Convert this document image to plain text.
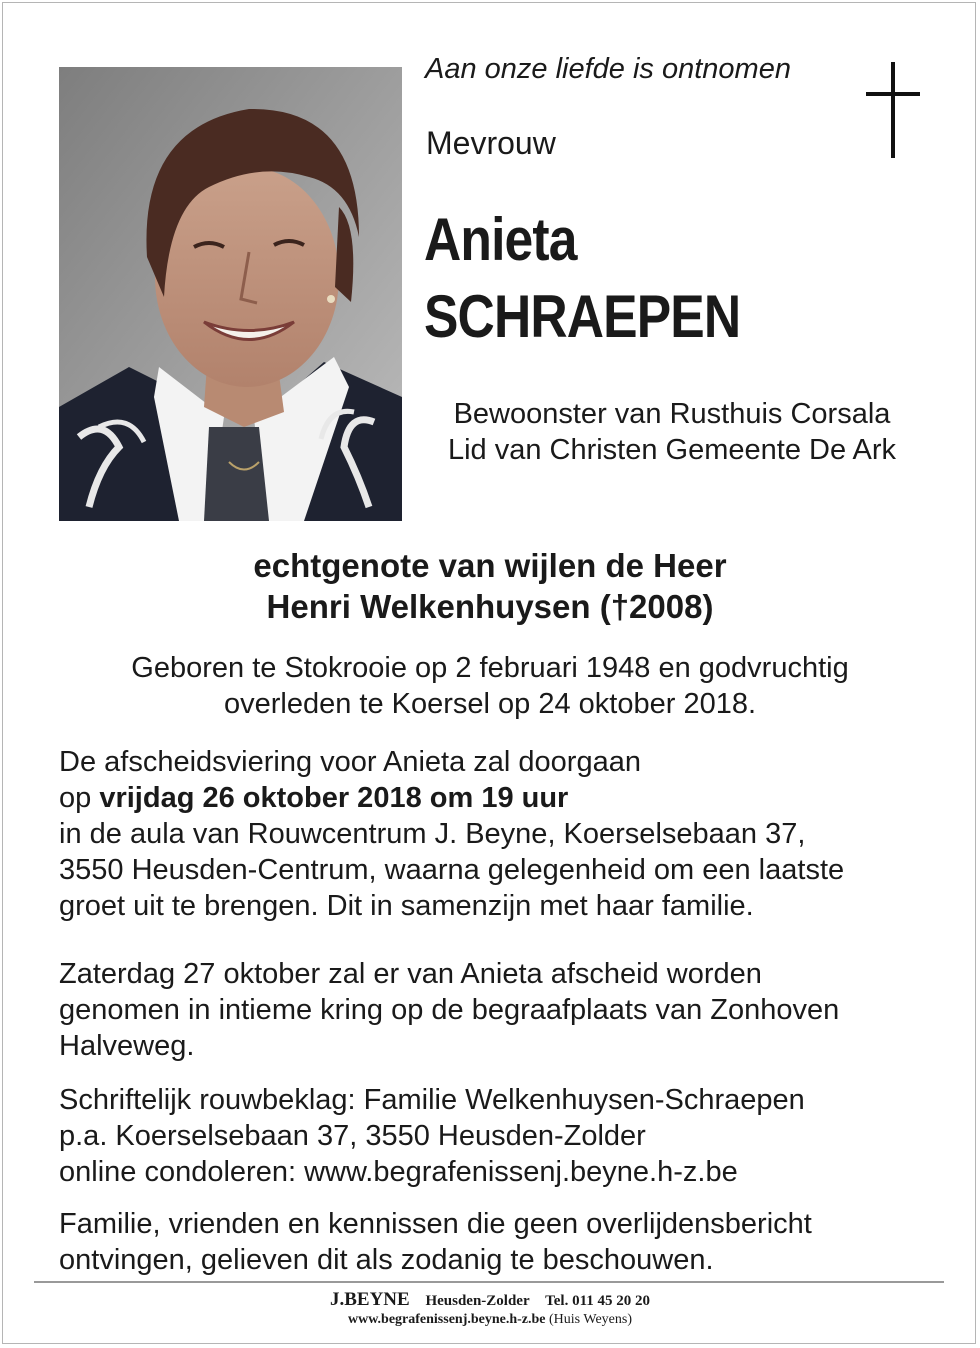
Aan onze liefde is ontnomen
Mevrouw
Anieta
SCHRAEPEN
Bewoonster van Rusthuis Corsala
Lid van Christen Gemeente De Ark
echtgenote van wijlen de Heer
Henri Welkenhuysen (†2008)
Geboren te Stokrooie op 2 februari 1948 en godvruchtig
overleden te Koersel op 24 oktober 2018.
De afscheidsviering voor Anieta zal doorgaan
op vrijdag 26 oktober 2018 om 19 uur
in de aula van Rouwcentrum J. Beyne, Koerselsebaan 37,
3550 Heusden-Centrum, waarna gelegenheid om een laatste
groet uit te brengen. Dit in samenzijn met haar familie.
Zaterdag 27 oktober zal er van Anieta afscheid worden
genomen in intieme kring op de begraafplaats van Zonhoven
Halveweg.
Schriftelijk rouwbeklag: Familie Welkenhuysen-Schraepen
p.a. Koerselsebaan 37, 3550 Heusden-Zolder
online condoleren: www.begrafenissenj.beyne.h-z.be
Familie, vrienden en kennissen die geen overlijdensbericht
ontvingen, gelieven dit als zodanig te beschouwen.
J.BEYNE Heusden-Zolder Tel. 011 45 20 20
www.begrafenissenj.beyne.h-z.be (Huis Weyens)
